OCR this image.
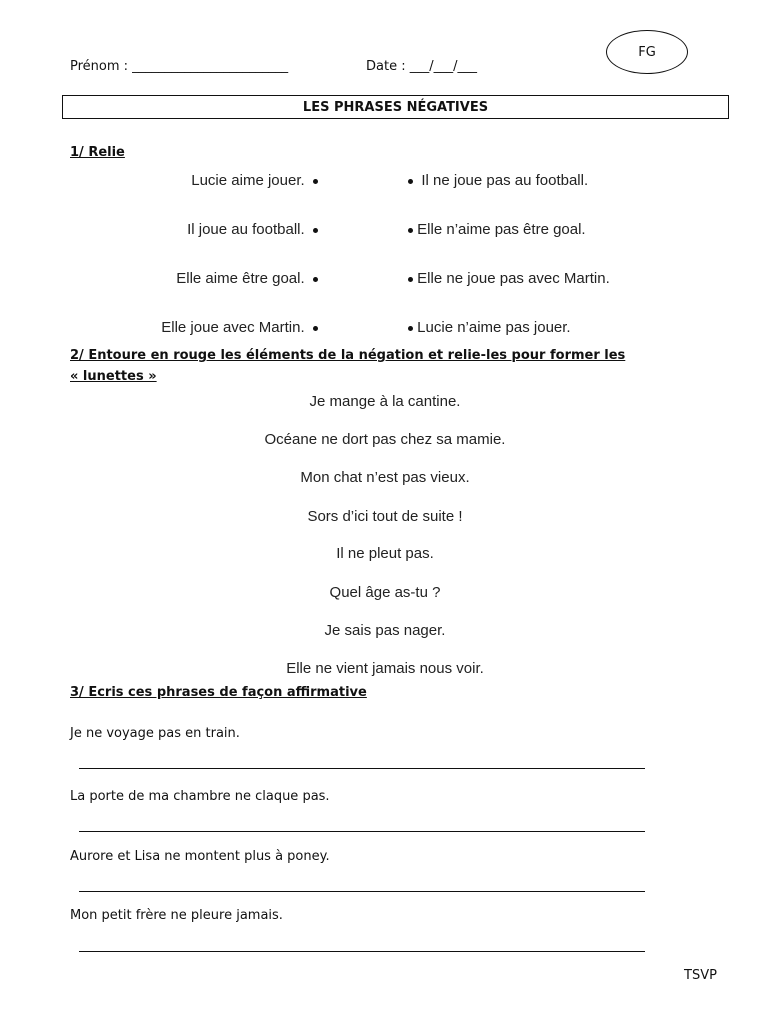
Prénom : ________________________	Date : ___/___/___
FG
LES PHRASES NÉGATIVES
1/ Relie
Lucie aime jouer.
Il joue au football.
Elle aime être goal.
Elle joue avec Martin.
Il ne joue pas au football.
Elle n’aime pas être goal.
Elle ne joue pas avec Martin.
Lucie n’aime pas jouer.
2/ Entoure en rouge les éléments de la négation et relie-les pour former les
« lunettes »
Je mange à la cantine.
Océane ne dort pas chez sa mamie.
Mon chat n’est pas vieux.
Sors d’ici tout de suite !
Il ne pleut pas.
Quel âge as-tu ?
Je sais pas nager.
Elle ne vient jamais nous voir.
3/ Ecris ces phrases de façon affirmative
Je ne voyage pas en train.
La porte de ma chambre ne claque pas.
Aurore et Lisa ne montent plus à poney.
Mon petit frère ne pleure jamais.
TSVP
